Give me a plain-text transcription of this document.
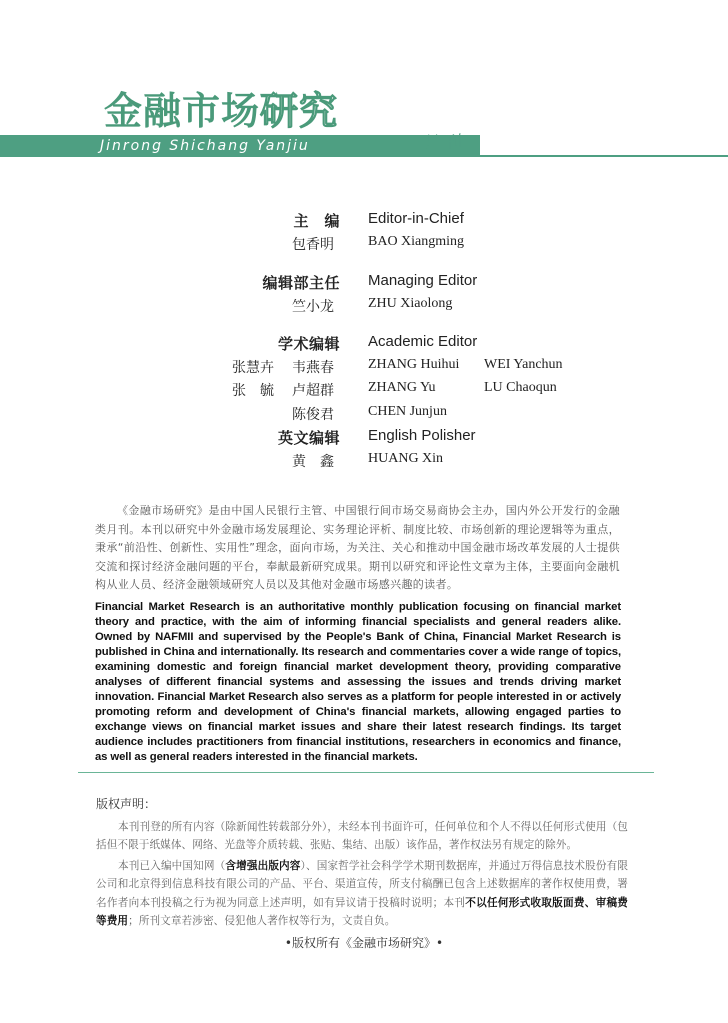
金融市场研究
Jinrong Shichang Yanjiu	月刊
主　编 Editor-in-Chief
包香明 BAO Xiangming
编辑部主任 Managing Editor
竺小龙 ZHU Xiaolong
学术编辑 Academic Editor
张慧卉 韦燕春 ZHANG Huihui WEI Yanchun
张　毓 卢超群 ZHANG Yu	LU Chaoqun
陈俊君 CHEN Junjun
英文编辑 English Polisher
黄　鑫 HUANG Xin

《金融市场研究》是由中国人民银行主管、中国银行间市场交易商协会主办，国内外公开发行的金融类月刊。本刊以研究中外金融市场发展理论、实务理论评析、制度比较、市场创新的理论逻辑等为重点，秉承“前沿性、创新性、实用性”理念，面向市场，为关注、关心和推动中国金融市场改革发展的人士提供交流和探讨经济金融问题的平台，奉献最新研究成果。期刊以研究和评论性文章为主体，主要面向金融机构从业人员、经济金融领域研究人员以及其他对金融市场感兴趣的读者。

Financial Market Research is an authoritative monthly publication focusing on financial market theory and practice, with the aim of informing financial specialists and general readers alike. Owned by NAFMII and supervised by the People's Bank of China, Financial Market Research is published in China and internationally. Its research and commentaries cover a wide range of topics, examining domestic and foreign financial market development theory, providing comparative analyses of different financial systems and assessing the issues and trends driving market innovation. Financial Market Research also serves as a platform for people interested in or actively promoting reform and development of China's financial markets, allowing engaged parties to exchange views on financial market issues and share their latest research findings. Its target audience includes practitioners from financial institutions, researchers in economics and finance, as well as general readers interested in the financial markets.

版权声明：

本刊刊登的所有内容（除新闻性转载部分外），未经本刊书面许可，任何单位和个人不得以任何形式使用（包括但不限于纸媒体、网络、光盘等介质转载、张贴、集结、出版）该作品，著作权法另有规定的除外。

本刊已入编中国知网（含增强出版内容）、国家哲学社会科学学术期刊数据库，并通过万得信息技术股份有限公司和北京得到信息科技有限公司的产品、平台、渠道宣传，所支付稿酬已包含上述数据库的著作权使用费，署名作者向本刊投稿之行为视为同意上述声明，如有异议请于投稿时说明；本刊不以任何形式收取版面费、审稿费等费用；所刊文章若涉密、侵犯他人著作权等行为，文责自负。

•版权所有《金融市场研究》•
